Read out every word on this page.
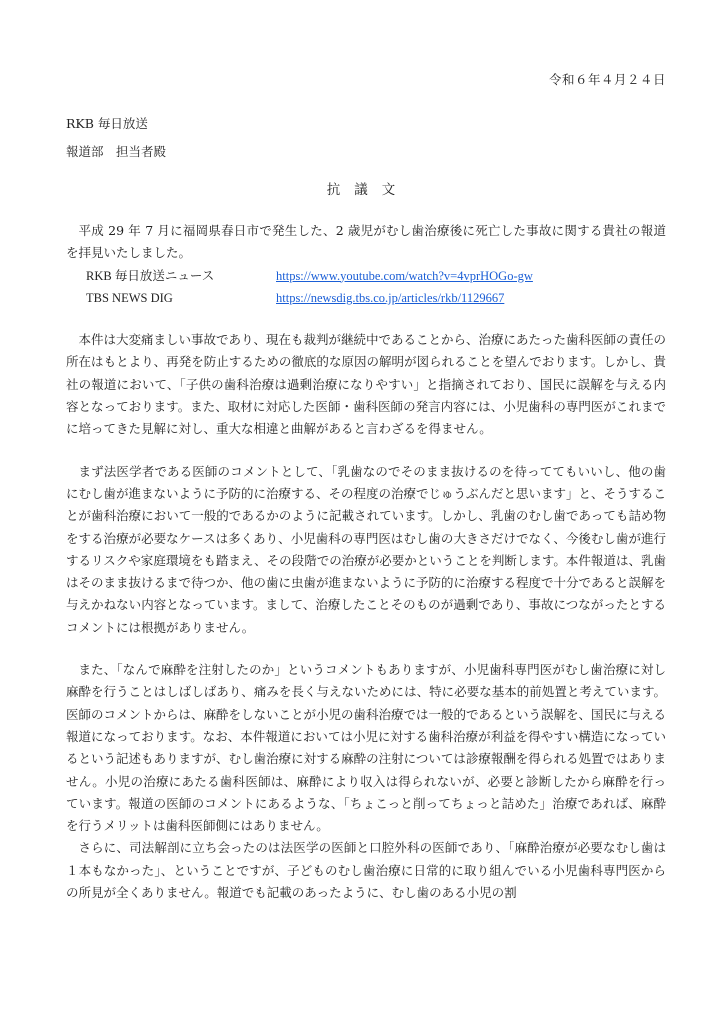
令和６年４月２４日
RKB 毎日放送
報道部　担当者殿
抗議文

平成 29 年 7 月に福岡県春日市で発生した、2 歳児がむし歯治療後に死亡した事故に関する貴社の報道を拝見いたしました。

RKB 毎日放送ニュース	https://www.youtube.com/watch?v=4vprHOGo-gw
TBS NEWS DIG	https://newsdig.tbs.co.jp/articles/rkb/1129667

本件は大変痛ましい事故であり、現在も裁判が継続中であることから、治療にあたった歯科医師の責任の所在はもとより、再発を防止するための徹底的な原因の解明が図られることを望んでおります。しかし、貴社の報道において、「子供の歯科治療は過剰治療になりやすい」と指摘されており、国民に誤解を与える内容となっております。また、取材に対応した医師・歯科医師の発言内容には、小児歯科の専門医がこれまでに培ってきた見解に対し、重大な相違と曲解があると言わざるを得ません。

まず法医学者である医師のコメントとして、「乳歯なのでそのまま抜けるのを待っててもいいし、他の歯にむし歯が進まないように予防的に治療する、その程度の治療でじゅうぶんだと思います」と、そうすることが歯科治療において一般的であるかのように記載されています。しかし、乳歯のむし歯であっても詰め物をする治療が必要なケースは多くあり、小児歯科の専門医はむし歯の大きさだけでなく、今後むし歯が進行するリスクや家庭環境をも踏まえ、その段階での治療が必要かということを判断します。本件報道は、乳歯はそのまま抜けるまで待つか、他の歯に虫歯が進まないように予防的に治療する程度で十分であると誤解を与えかねない内容となっています。まして、治療したことそのものが過剰であり、事故につながったとするコメントには根拠がありません。

また、「なんで麻酔を注射したのか」というコメントもありますが、小児歯科専門医がむし歯治療に対し麻酔を行うことはしばしばあり、痛みを長く与えないためには、特に必要な基本的前処置と考えています。医師のコメントからは、麻酔をしないことが小児の歯科治療では一般的であるという誤解を、国民に与える報道になっております。なお、本件報道においては小児に対する歯科治療が利益を得やすい構造になっているという記述もありますが、むし歯治療に対する麻酔の注射については診療報酬を得られる処置ではありません。小児の治療にあたる歯科医師は、麻酔により収入は得られないが、必要と診断したから麻酔を行っています。報道の医師のコメントにあるような、「ちょこっと削ってちょっと詰めた」治療であれば、麻酔を行うメリットは歯科医師側にはありません。

さらに、司法解剖に立ち会ったのは法医学の医師と口腔外科の医師であり、「麻酔治療が必要なむし歯は１本もなかった」、ということですが、子どものむし歯治療に日常的に取り組んでいる小児歯科専門医からの所見が全くありません。報道でも記載のあったように、むし歯のある小児の割
